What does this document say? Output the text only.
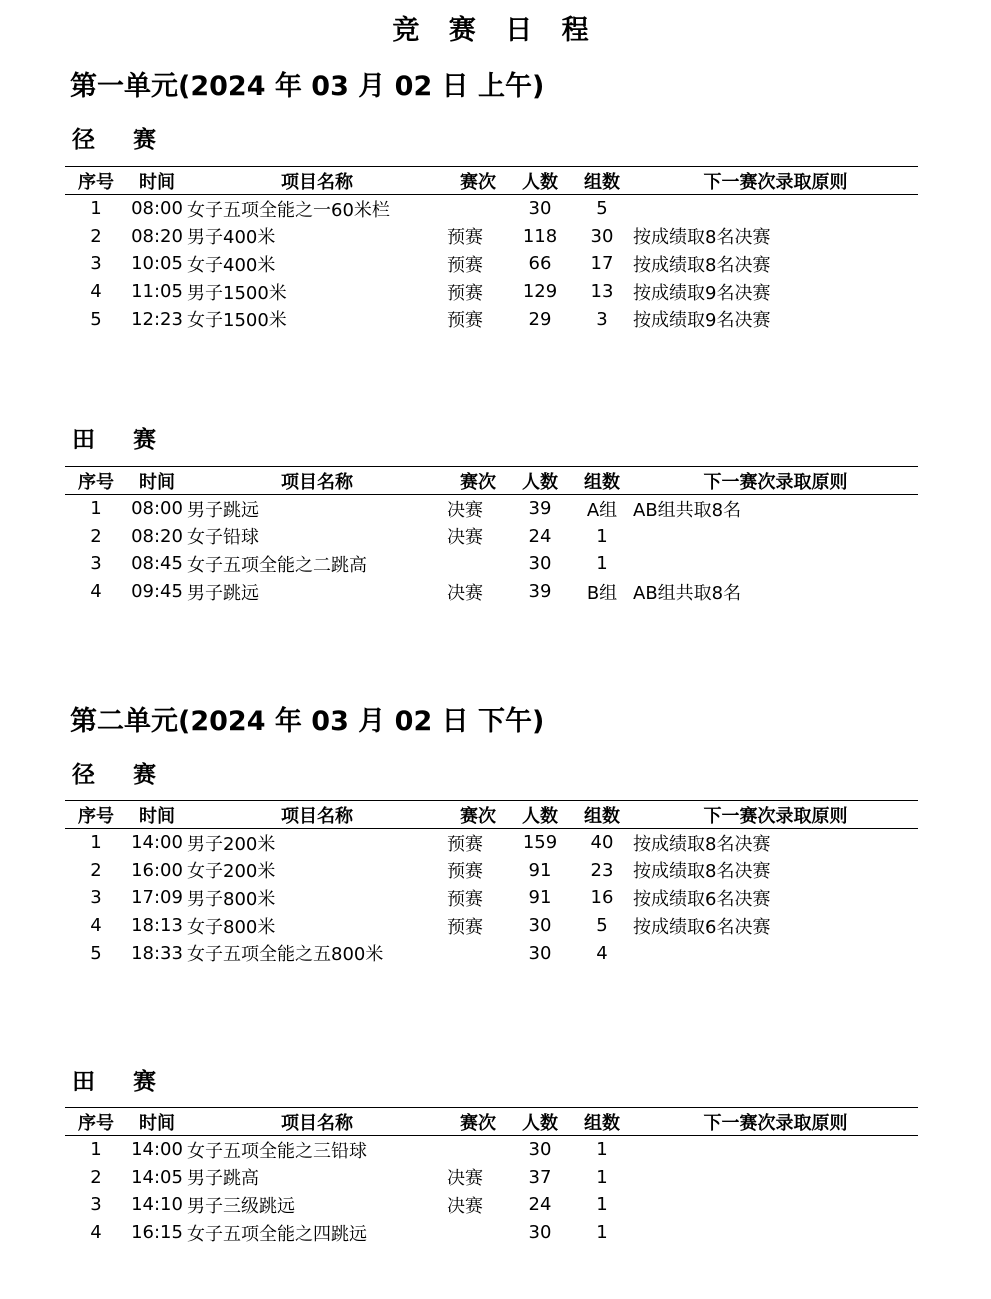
竞 赛 日 程
第一单元(2024 年 03 月 02 日 上午)
径赛
序号	时间	项目名称	赛次	人数	组数	下一赛次录取原则
1	08:00	女子五项全能之一60米栏		30	5	
2	08:20	男子400米	预赛	118	30	按成绩取8名决赛
3	10:05	女子400米	预赛	66	17	按成绩取8名决赛
4	11:05	男子1500米	预赛	129	13	按成绩取9名决赛
5	12:23	女子1500米	预赛	29	3	按成绩取9名决赛
田赛
序号	时间	项目名称	赛次	人数	组数	下一赛次录取原则
1	08:00	男子跳远	决赛	39	A组	AB组共取8名
2	08:20	女子铅球	决赛	24	1	
3	08:45	女子五项全能之二跳高		30	1	
4	09:45	男子跳远	决赛	39	B组	AB组共取8名
第二单元(2024 年 03 月 02 日 下午)
径赛
序号	时间	项目名称	赛次	人数	组数	下一赛次录取原则
1	14:00	男子200米	预赛	159	40	按成绩取8名决赛
2	16:00	女子200米	预赛	91	23	按成绩取8名决赛
3	17:09	男子800米	预赛	91	16	按成绩取6名决赛
4	18:13	女子800米	预赛	30	5	按成绩取6名决赛
5	18:33	女子五项全能之五800米		30	4	
田赛
序号	时间	项目名称	赛次	人数	组数	下一赛次录取原则
1	14:00	女子五项全能之三铅球		30	1	
2	14:05	男子跳高	决赛	37	1	
3	14:10	男子三级跳远	决赛	24	1	
4	16:15	女子五项全能之四跳远		30	1	
